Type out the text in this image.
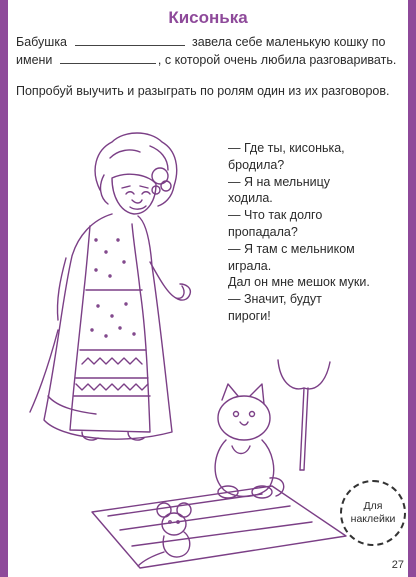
Кисонька
Бабушка	завела себе маленькую кошку по
имени	, с которой очень любила разговаривать.
Попробуй выучить и разыграть по ролям один из их разговоров.
— Где ты, кисонька,
бродила?
— Я на мельницу
ходила.
— Что так долго
пропадала?
— Я там с мельником
играла.
Дал он мне мешок муки.
— Значит, будут
пироги!
Для
наклейки
27
